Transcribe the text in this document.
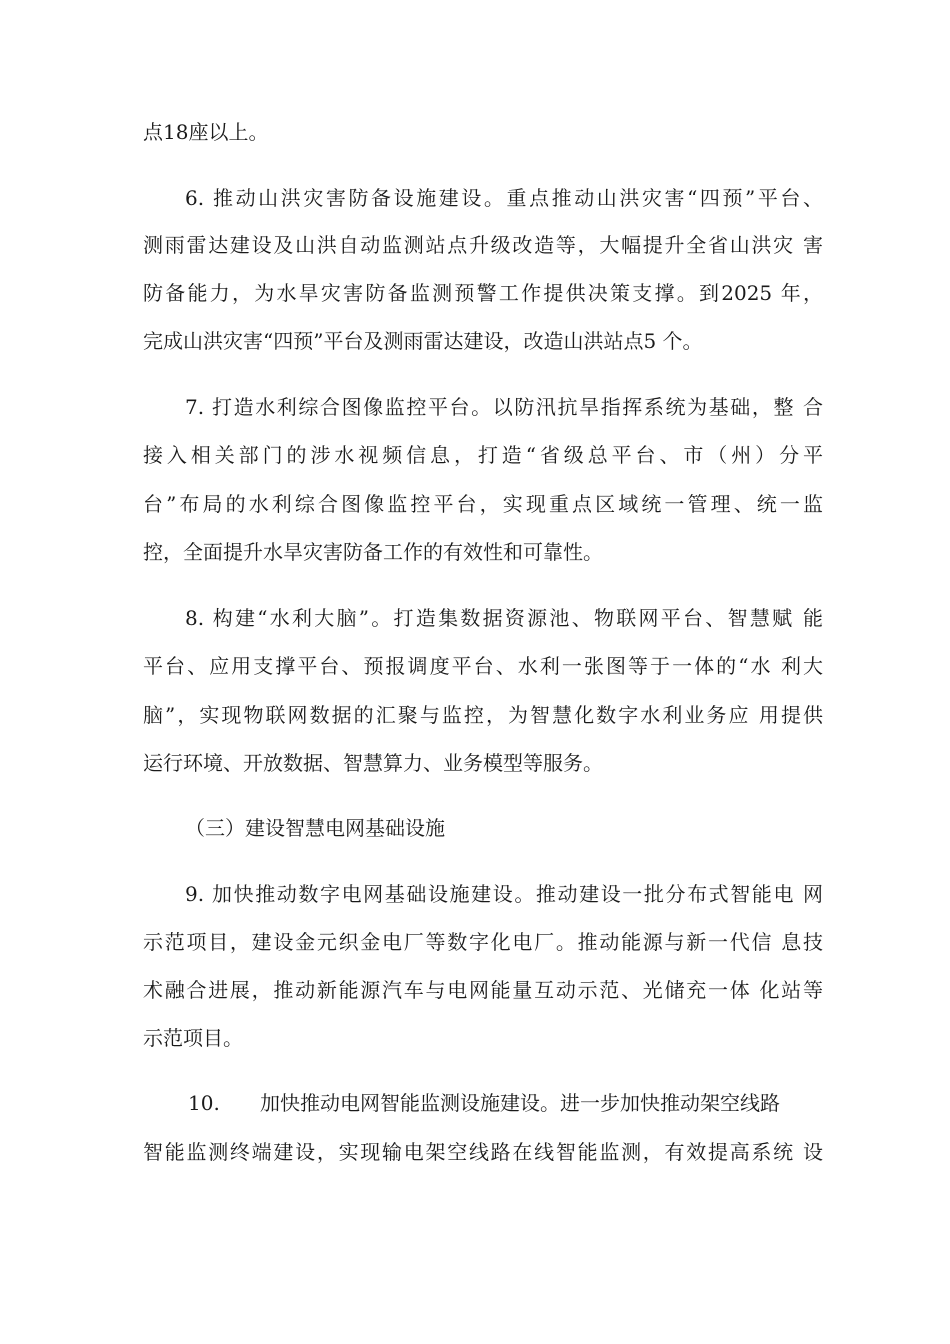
点18座以上。
6. 推动山洪灾害防备设施建设。重点推动山洪灾害“四预”平台、
测雨雷达建设及山洪自动监测站点升级改造等，大幅提升全省山洪灾 害
防备能力，为水旱灾害防备监测预警工作提供决策支撑。到2025 年，
完成山洪灾害“四预”平台及测雨雷达建设，改造山洪站点5 个。
7. 打造水利综合图像监控平台。以防汛抗旱指挥系统为基础，整 合
接入相关部门的涉水视频信息，打造“省级总平台、市（州）分平
台”布局的水利综合图像监控平台，实现重点区域统一管理、统一监
控，全面提升水旱灾害防备工作的有效性和可靠性。
8. 构建“水利大脑”。打造集数据资源池、物联网平台、智慧赋 能
平台、应用支撑平台、预报调度平台、水利一张图等于一体的“水 利大
脑”，实现物联网数据的汇聚与监控，为智慧化数字水利业务应 用提供
运行环境、开放数据、智慧算力、业务模型等服务。
（三）建设智慧电网基础设施
9. 加快推动数字电网基础设施建设。推动建设一批分布式智能电 网
示范项目，建设金元织金电厂等数字化电厂。推动能源与新一代信 息技
术融合进展，推动新能源汽车与电网能量互动示范、光储充一体 化站等
示范项目。
10. 加快推动电网智能监测设施建设。进一步加快推动架空线路
智能监测终端建设，实现输电架空线路在线智能监测，有效提高系统 设
